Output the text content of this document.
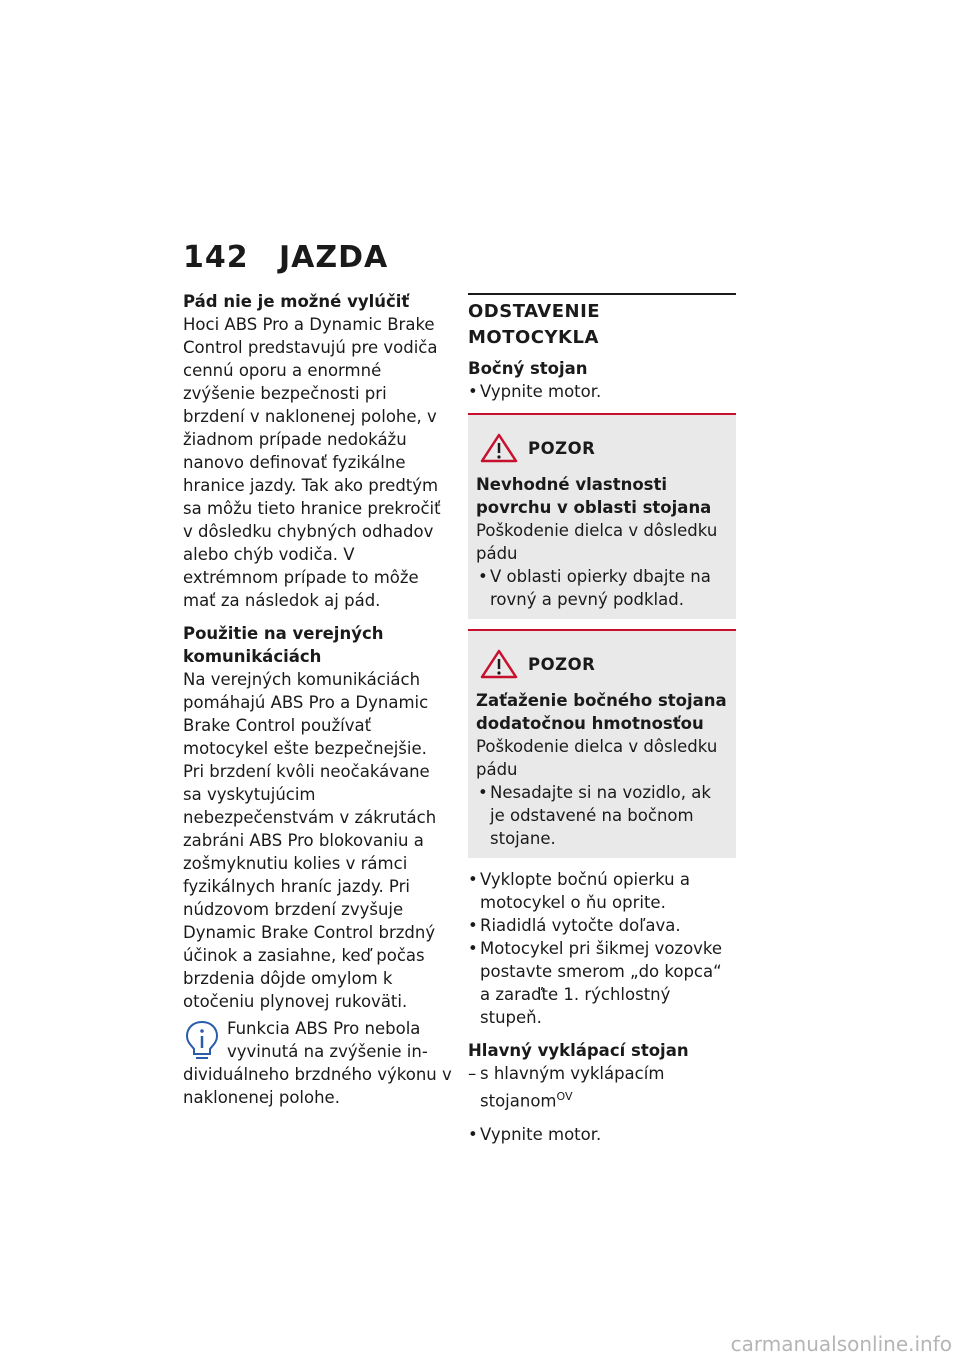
142 JAZDA
Pád nie je možné vylúčiť

Hoci ABS Pro a Dynamic Brake Control predstavujú pre vodiča cennú oporu a enormné zvýšenie bezpečnosti pri brzdení v naklonenej polohe, v žiadnom prípade nedokážu nanovo definovať fyzikálne hranice jazdy. Tak ako predtým sa môžu tieto hranice prekročiť v dôsledku chybných odhadov alebo chýb vodiča. V extrémnom prípade to môže mať za následok aj pád.

Použitie na verejných komunikáciách

Na verejných komunikáciách pomáhajú ABS Pro a Dynamic Brake Control používať motocykel ešte bezpečnejšie. Pri brzdení kvôli neočakávane sa vyskytujúcim nebezpečenstvám v zákrutách zabráni ABS Pro blokovaniu a zošmyknutiu kolies v rámci fyzikálnych hraníc jazdy. Pri núdzovom brzdení zvyšuje Dynamic Brake Control brzdný účinok a zasiahne, keď počas brzdenia dôjde omylom k otočeniu plynovej rukoväti.

Funkcia ABS Pro nebola vyvinutá na zvýšenie in-
dividuálneho brzdného výkonu v naklonenej polohe.
ODSTAVENIE MOTOCYKLA
Bočný stojan
• Vypnite motor.
POZOR
Nevhodné vlastnosti povrchu v oblasti stojana
Poškodenie dielca v dôsledku pádu
• V oblasti opierky dbajte na rovný a pevný podklad.
POZOR
Zaťaženie bočného stojana dodatočnou hmotnosťou
Poškodenie dielca v dôsledku pádu
• Nesadajte si na vozidlo, ak je odstavené na bočnom stojane.
• Vyklopte bočnú opierku a motocykel o ňu oprite.
• Riadidlá vytočte doľava.
• Motocykel pri šikmej vozovke postavte smerom „do kopca“ a zaraďte 1. rýchlostný stupeň.
Hlavný vyklápací stojan
– s hlavným vyklápacím stojanom$^{OV}$
• Vypnite motor.
carmanualsonline.info
